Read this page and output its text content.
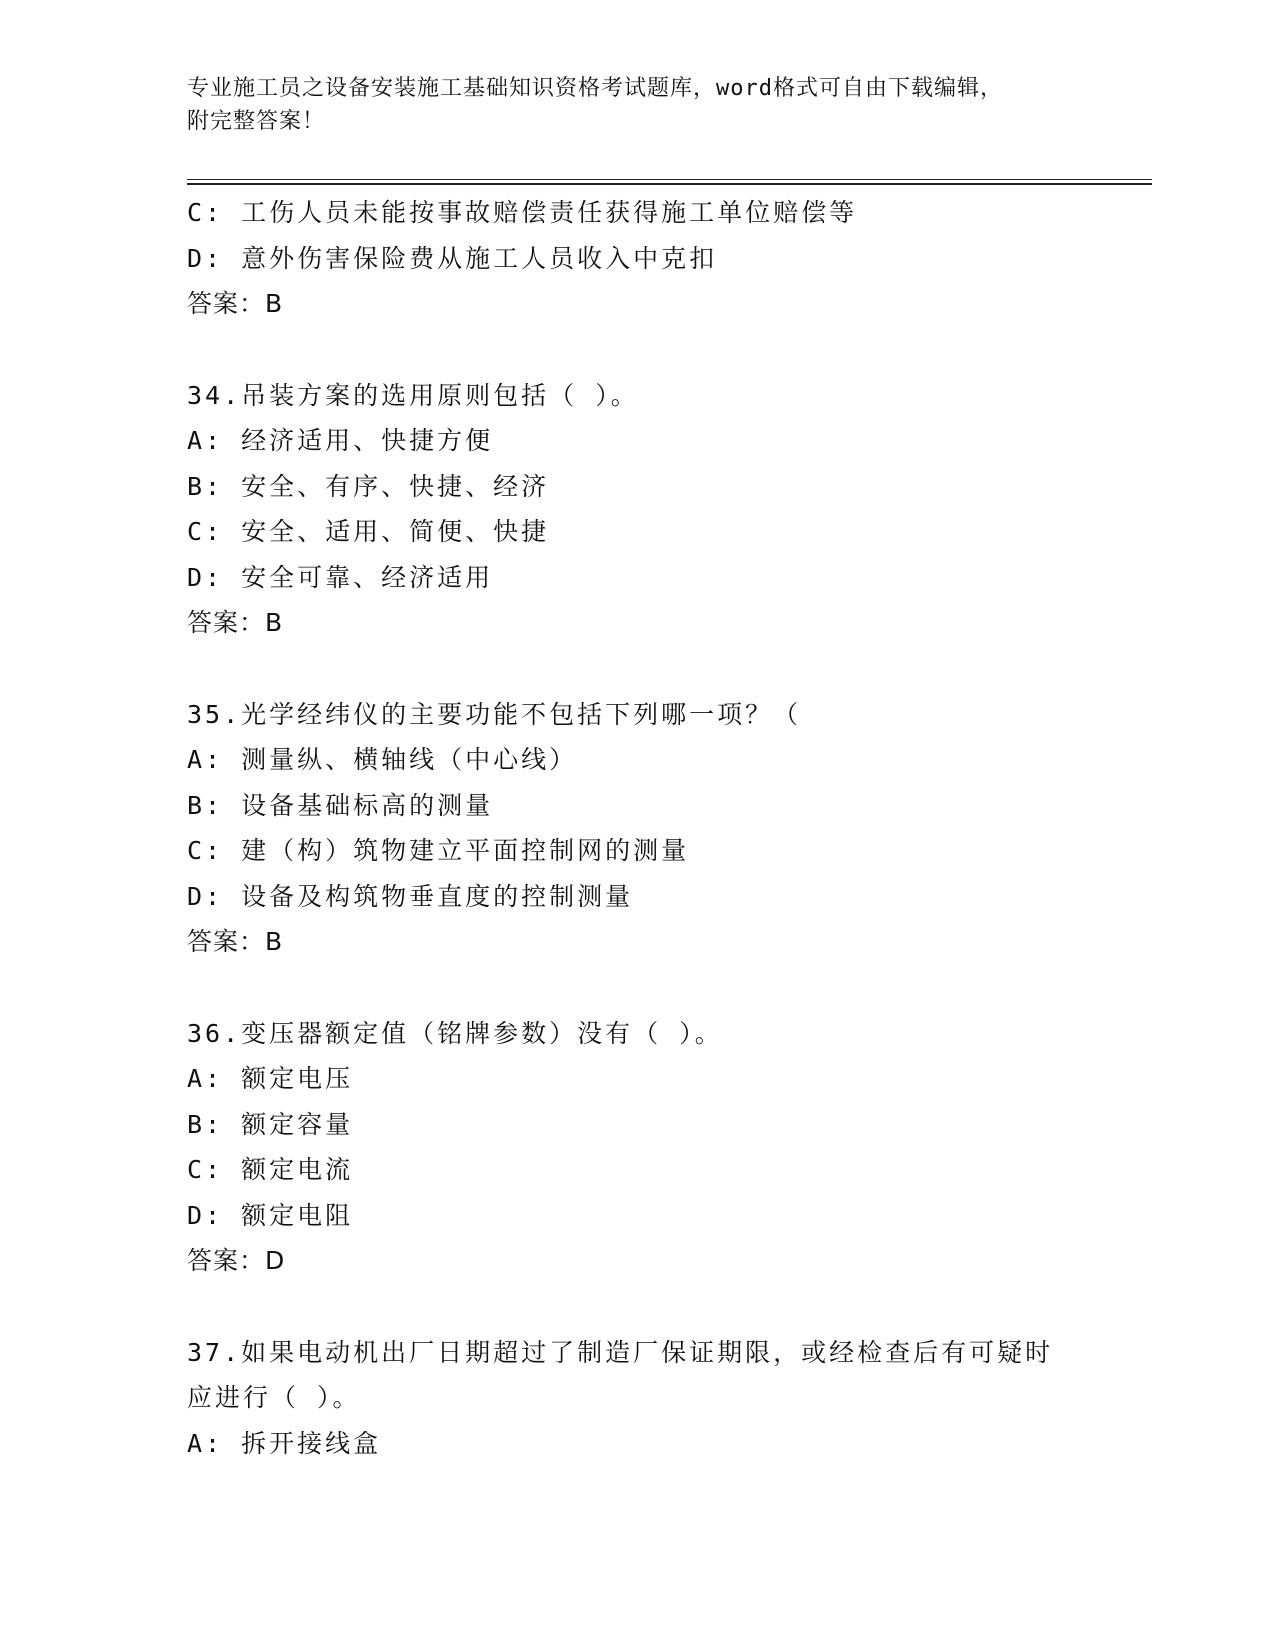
专业施工员之设备安装施工基础知识资格考试题库，word格式可自由下载编辑，
附完整答案！
C: 工伤人员未能按事故赔偿责任获得施工单位赔偿等
D: 意外伤害保险费从施工人员收入中克扣
答案：B
34.吊装方案的选用原则包括（ ）。
A: 经济适用、快捷方便
B: 安全、有序、快捷、经济
C: 安全、适用、简便、快捷
D: 安全可靠、经济适用
答案：B
35.光学经纬仪的主要功能不包括下列哪一项？（
A: 测量纵、横轴线（中心线）
B: 设备基础标高的测量
C: 建（构）筑物建立平面控制网的测量
D: 设备及构筑物垂直度的控制测量
答案：B
36.变压器额定值（铭牌参数）没有（ ）。
A: 额定电压
B: 额定容量
C: 额定电流
D: 额定电阻
答案：D
37.如果电动机出厂日期超过了制造厂保证期限，或经检查后有可疑时
应进行（ ）。
A: 拆开接线盒
